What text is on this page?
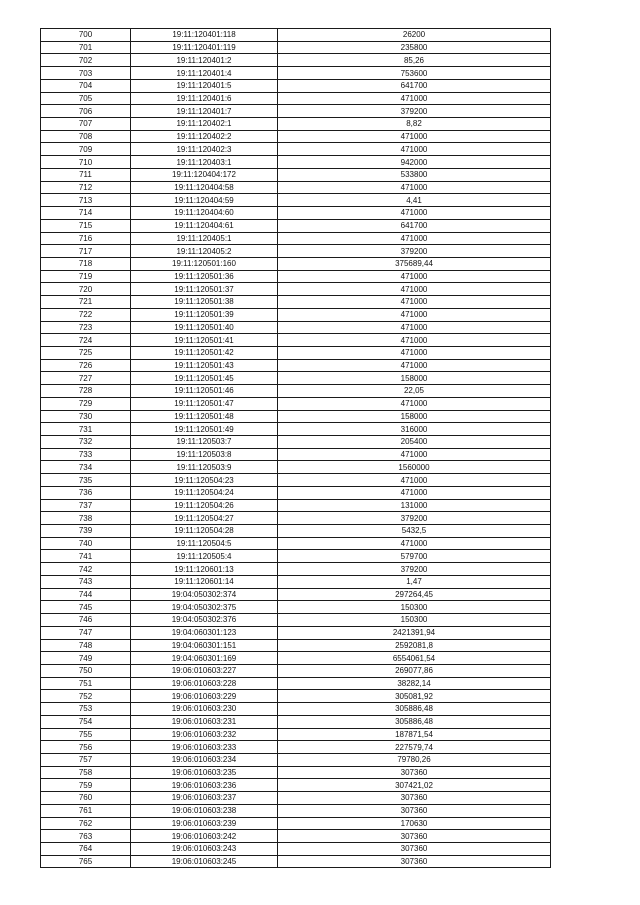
700	19:11:120401:118	26200
701	19:11:120401:119	235800
702	19:11:120401:2	85,26
703	19:11:120401:4	753600
704	19:11:120401:5	641700
705	19:11:120401:6	471000
706	19:11:120401:7	379200
707	19:11:120402:1	8,82
708	19:11:120402:2	471000
709	19:11:120402:3	471000
710	19:11:120403:1	942000
711	19:11:120404:172	533800
712	19:11:120404:58	471000
713	19:11:120404:59	4,41
714	19:11:120404:60	471000
715	19:11:120404:61	641700
716	19:11:120405:1	471000
717	19:11:120405:2	379200
718	19:11:120501:160	375689,44
719	19:11:120501:36	471000
720	19:11:120501:37	471000
721	19:11:120501:38	471000
722	19:11:120501:39	471000
723	19:11:120501:40	471000
724	19:11:120501:41	471000
725	19:11:120501:42	471000
726	19:11:120501:43	471000
727	19:11:120501:45	158000
728	19:11:120501:46	22,05
729	19:11:120501:47	471000
730	19:11:120501:48	158000
731	19:11:120501:49	316000
732	19:11:120503:7	205400
733	19:11:120503:8	471000
734	19:11:120503:9	1560000
735	19:11:120504:23	471000
736	19:11:120504:24	471000
737	19:11:120504:26	131000
738	19:11:120504:27	379200
739	19:11:120504:28	5432,5
740	19:11:120504:5	471000
741	19:11:120505:4	579700
742	19:11:120601:13	379200
743	19:11:120601:14	1,47
744	19:04:050302:374	297264,45
745	19:04:050302:375	150300
746	19:04:050302:376	150300
747	19:04:060301:123	2421391,94
748	19:04:060301:151	2592081,8
749	19:04:060301:169	6554061,54
750	19:06:010603:227	269077,86
751	19:06:010603:228	38282,14
752	19:06:010603:229	305081,92
753	19:06:010603:230	305886,48
754	19:06:010603:231	305886,48
755	19:06:010603:232	187871,54
756	19:06:010603:233	227579,74
757	19:06:010603:234	79780,26
758	19:06:010603:235	307360
759	19:06:010603:236	307421,02
760	19:06:010603:237	307360
761	19:06:010603:238	307360
762	19:06:010603:239	170630
763	19:06:010603:242	307360
764	19:06:010603:243	307360
765	19:06:010603:245	307360
